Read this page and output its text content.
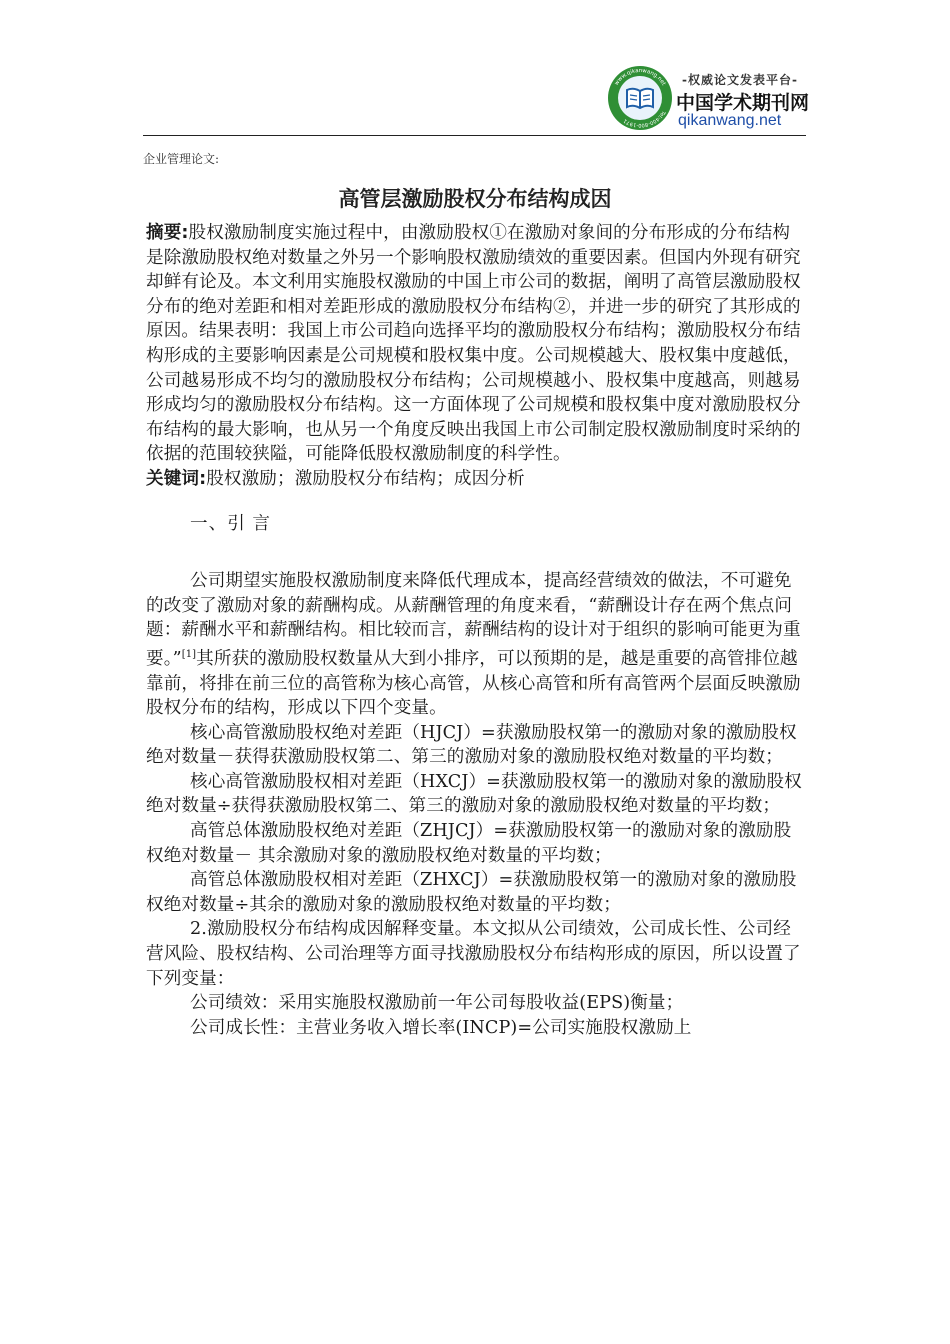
www.qikanwang.net
Tel:400-800-1971
-权威论文发表平台-
中国学术期刊网
qikanwang.net
企业管理论文:
高管层激励股权分布结构成因

摘要:股权激励制度实施过程中，由激励股权①在激励对象间的分布形成的分布结构是除激励股权绝对数量之外另一个影响股权激励绩效的重要因素。但国内外现有研究却鲜有论及。本文利用实施股权激励的中国上市公司的数据，阐明了高管层激励股权分布的绝对差距和相对差距形成的激励股权分布结构②，并进一步的研究了其形成的原因。结果表明：我国上市公司趋向选择平均的激励股权分布结构；激励股权分布结构形成的主要影响因素是公司规模和股权集中度。公司规模越大、股权集中度越低，公司越易形成不均匀的激励股权分布结构；公司规模越小、股权集中度越高，则越易形成均匀的激励股权分布结构。这一方面体现了公司规模和股权集中度对激励股权分布结构的最大影响，也从另一个角度反映出我国上市公司制定股权激励制度时采纳的依据的范围较狭隘，可能降低股权激励制度的科学性。

关键词:股权激励；激励股权分布结构；成因分析

一、引 言

公司期望实施股权激励制度来降低代理成本，提高经营绩效的做法，不可避免的改变了激励对象的薪酬构成。从薪酬管理的角度来看，“薪酬设计存在两个焦点问题：薪酬水平和薪酬结构。相比较而言，薪酬结构的设计对于组织的影响可能更为重要。”[1]其所获的激励股权数量从大到小排序，可以预期的是，越是重要的高管排位越靠前，将排在前三位的高管称为核心高管，从核心高管和所有高管两个层面反映激励股权分布的结构，形成以下四个变量。

核心高管激励股权绝对差距（HJCJ）=获激励股权第一的激励对象的激励股权绝对数量－获得获激励股权第二、第三的激励对象的激励股权绝对数量的平均数；

核心高管激励股权相对差距（HXCJ）=获激励股权第一的激励对象的激励股权绝对数量÷获得获激励股权第二、第三的激励对象的激励股权绝对数量的平均数；

高管总体激励股权绝对差距（ZHJCJ）=获激励股权第一的激励对象的激励股权绝对数量－ 其余激励对象的激励股权绝对数量的平均数；

高管总体激励股权相对差距（ZHXCJ）=获激励股权第一的激励对象的激励股权绝对数量÷其余的激励对象的激励股权绝对数量的平均数；

2.激励股权分布结构成因解释变量。本文拟从公司绩效，公司成长性、公司经营风险、股权结构、公司治理等方面寻找激励股权分布结构形成的原因，所以设置了下列变量：

公司绩效：采用实施股权激励前一年公司每股收益(EPS)衡量；

公司成长性：主营业务收入增长率(INCP)=公司实施股权激励上
